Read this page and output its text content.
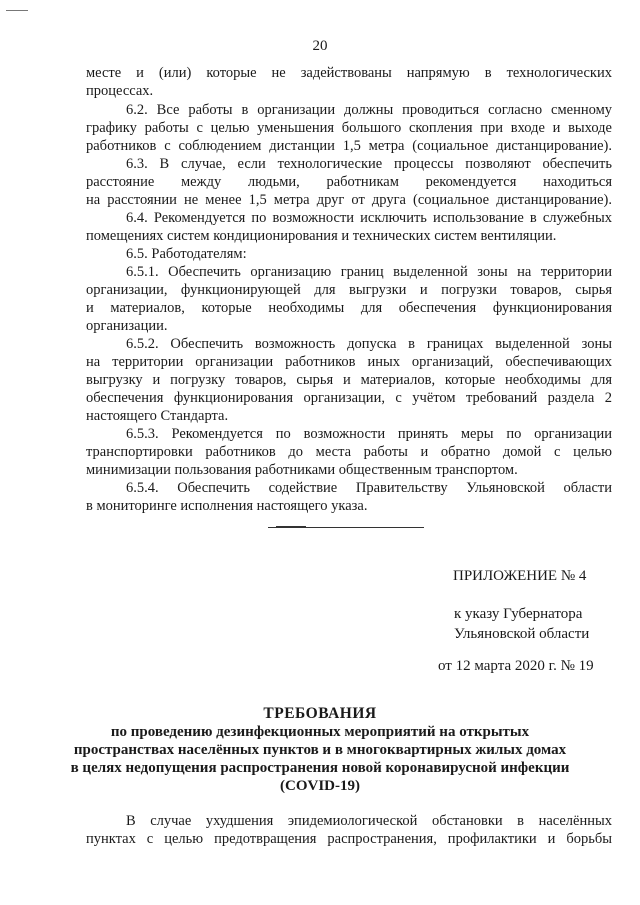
20
месте и (или) которые не задействованы напрямую в технологических
процессах.
6.2. Все работы в организации должны проводиться согласно сменному
графику работы с целью уменьшения большого скопления при входе и выходе
работников с соблюдением дистанции 1,5 метра (социальное дистанцирование).
6.3. В случае, если технологические процессы позволяют обеспечить
расстояние между людьми, работникам рекомендуется находиться
на расстоянии не менее 1,5 метра друг от друга (социальное дистанцирование).
6.4. Рекомендуется по возможности исключить использование в служебных
помещениях систем кондиционирования и технических систем вентиляции.
6.5. Работодателям:
6.5.1. Обеспечить организацию границ выделенной зоны на территории
организации, функционирующей для выгрузки и погрузки товаров, сырья
и материалов, которые необходимы для обеспечения функционирования
организации.
6.5.2. Обеспечить возможность допуска в границах выделенной зоны
на территории организации работников иных организаций, обеспечивающих
выгрузку и погрузку товаров, сырья и материалов, которые необходимы для
обеспечения функционирования организации, с учётом требований раздела 2
настоящего Стандарта.
6.5.3. Рекомендуется по возможности принять меры по организации
транспортировки работников до места работы и обратно домой с целью
минимизации пользования работниками общественным транспортом.
6.5.4. Обеспечить содействие Правительству Ульяновской области
в мониторинге исполнения настоящего указа.
ПРИЛОЖЕНИЕ № 4
к указу Губернатора
Ульяновской области
от 12 марта 2020 г. № 19
ТРЕБОВАНИЯ
по проведению дезинфекционных мероприятий на открытых
пространствах населённых пунктов и в многоквартирных жилых домах
в целях недопущения распространения новой коронавирусной инфекции
(COVID-19)
В случае ухудшения эпидемиологической обстановки в населённых
пунктах с целью предотвращения распространения, профилактики и борьбы
